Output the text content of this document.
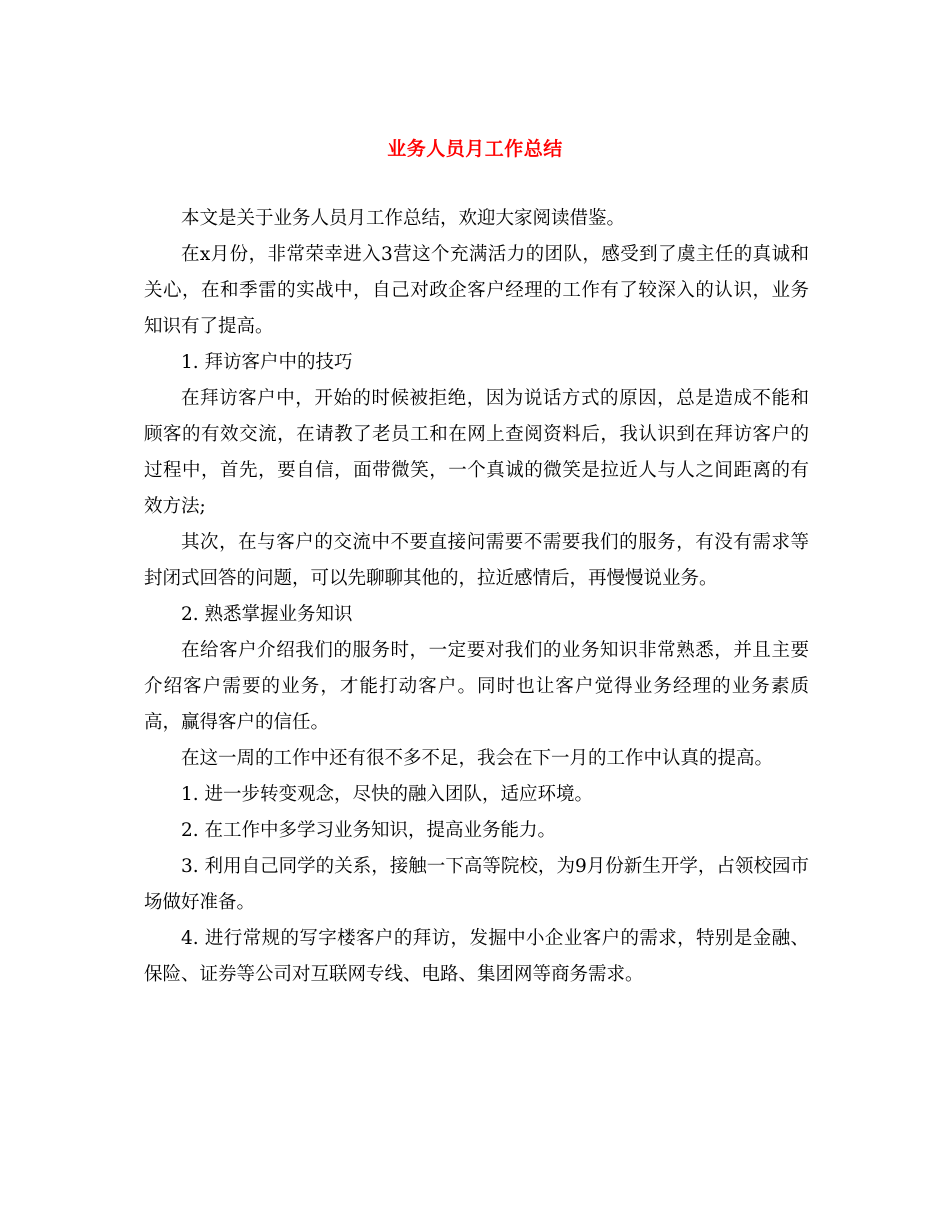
业务人员月工作总结

本文是关于业务人员月工作总结，欢迎大家阅读借鉴。

在x月份，非常荣幸进入3营这个充满活力的团队，感受到了虞主任的真诚和关心，在和季雷的实战中，自己对政企客户经理的工作有了较深入的认识，业务知识有了提高。

1. 拜访客户中的技巧

在拜访客户中，开始的时候被拒绝，因为说话方式的原因，总是造成不能和顾客的有效交流，在请教了老员工和在网上查阅资料后，我认识到在拜访客户的过程中，首先，要自信，面带微笑，一个真诚的微笑是拉近人与人之间距离的有效方法;

其次，在与客户的交流中不要直接问需要不需要我们的服务，有没有需求等封闭式回答的问题，可以先聊聊其他的，拉近感情后，再慢慢说业务。

2. 熟悉掌握业务知识

在给客户介绍我们的服务时，一定要对我们的业务知识非常熟悉，并且主要介绍客户需要的业务，才能打动客户。同时也让客户觉得业务经理的业务素质高，赢得客户的信任。

在这一周的工作中还有很不多不足，我会在下一月的工作中认真的提高。

1. 进一步转变观念，尽快的融入团队，适应环境。

2. 在工作中多学习业务知识，提高业务能力。

3. 利用自己同学的关系，接触一下高等院校，为9月份新生开学，占领校园市场做好准备。

4. 进行常规的写字楼客户的拜访，发掘中小企业客户的需求，特别是金融、保险、证券等公司对互联网专线、电路、集团网等商务需求。
